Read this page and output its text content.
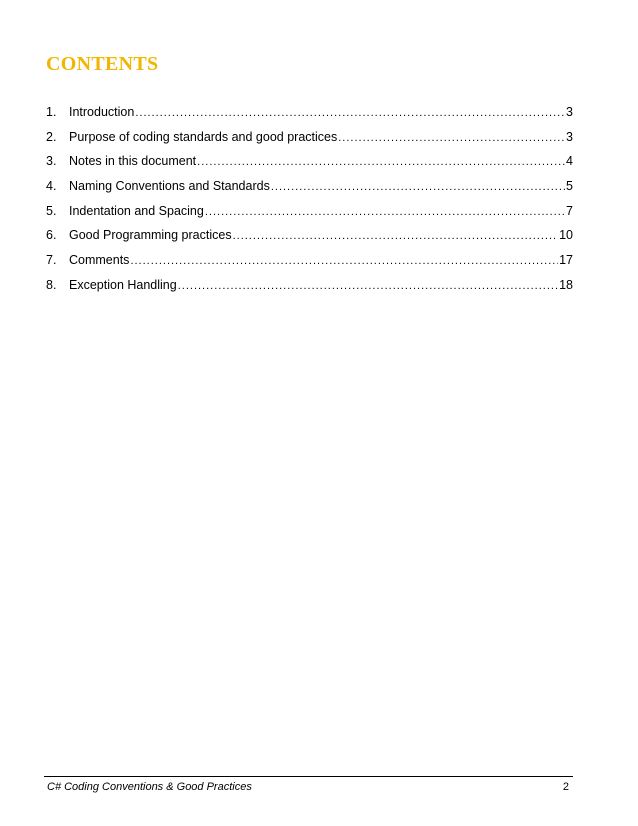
CONTENTS
1.	Introduction .....	3
2.	Purpose of coding standards and good practices .....	3
3.	Notes in this document .....	4
4.	Naming Conventions and Standards .....	5
5.	Indentation and Spacing .....	7
6.	Good Programming practices .....	10
7.	Comments .....	17
8.	Exception Handling .....	18
C# Coding Conventions & Good Practices	2
